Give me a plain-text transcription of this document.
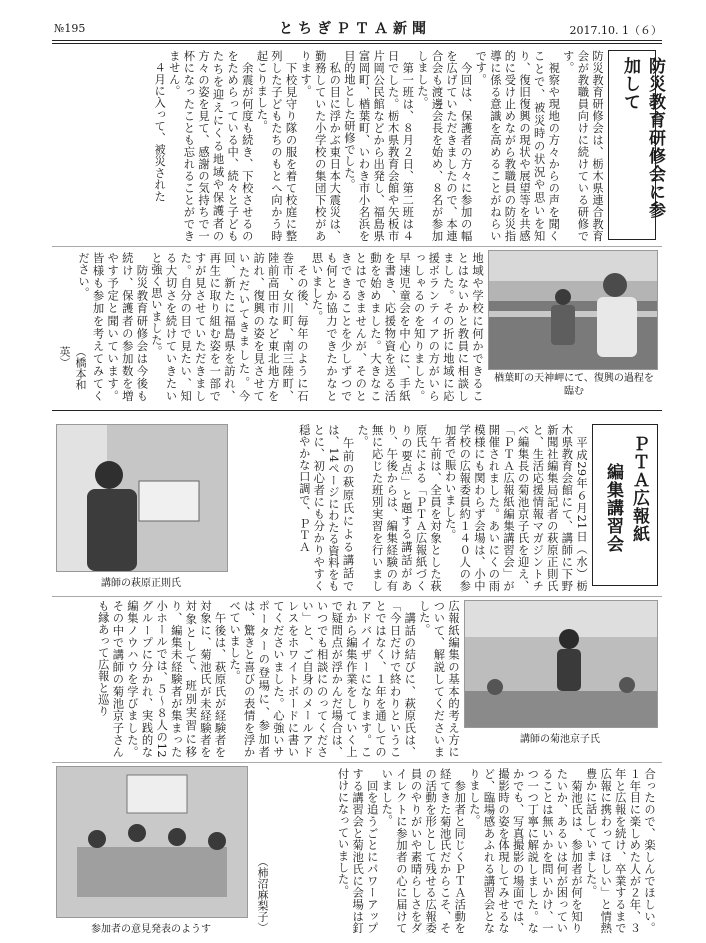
№195	とちぎＰＴＡ新聞	2017.10. 1（６）
防災教育研修会に参加して
防災教育研修会は、栃木県連合教育会が教職員向けに続けている研修です。
　視察や現地の方々からの声を聞くことで、被災時の状況や思いを知り、復旧復興の現状や展望等を共感的に受け止めながら教職員の防災指導に係る意識を高めることがねらいです。
　今回は、保護者の方々に参加の幅を広げていただきましたので、本連合会も渡邊会長を始め、８名が参加しました。
　第一班は、８月２日、第二班は４日でした。栃木県教育会館や矢板市片岡公民館などから出発し、福島県富岡町、楢葉町、いわき市小名浜を目的地とした研修でした。
　私の目に浮かぶ東日本大震災は、勤務していた小学校の集団下校があります。
　下校見守り隊の服を着て校庭に整列した子どもたちのもとへ向かう時起こりました。
　余震が何度も続き、下校させるのをためらっている中、続々と子どもたちを迎えにくる地域や保護者の方々の姿を見て、感謝の気持ちで一杯になったことも忘れることができません。
　４月に入って、被災された
楢葉町の天神岬にて、復興の過程を臨む
地域や学校に何かできることはないかと教員に相談しました。その折に地域に応援ボランティアの方がいらっしゃるのを知りました。早速児童会を中心に、手紙を書き、応援物資を送る活動を始めました。大きなことはできませんが、そのときできることを少しずつでも何とか協力できたかなと思いました。
　その後、毎年のように石巻市、女川町、南三陸町、陸前高田市など東北地方を訪れ、復興の姿を見させていただいてきました。今回、新たに福島県を訪れ、再生に取り組む姿を一部ですが見させていただきました。自分の目で見たい、知る大切さを続けていきたいと強く思いました。
　防災教育研修会は今後も続け、保護者の参加数を増やす予定と聞いています。皆様も参加を考えてみてください。
（橋本和英）
ＰＴＡ広報紙
編集講習会
　平成29年６月21日（水）栃木県教育会館にて、講師に下野新聞社編集局記者の萩原正則氏と、生活応援情報マガジントチペ編集長の菊池京子氏を迎え、「ＰＴＡ広報紙編集講習会」が開催されました。あいにくの雨模様にも関わらず会場は、小中学校の広報委員約１４０人の参加者で賑わいました。
　午前は、全員を対象とした萩原氏による「ＰＴＡ広報紙づくりの要点」と題する講話があり、午後からは、編集経験の有無に応じた班別実習を行いました。
　午前の萩原氏による講話では、14ページにわたる資料をもとに、初心者にも分かりやすく穏やかな口調で、ＰＴＡ
講師の萩原正則氏
講師の菊池京子氏
広報紙編集の基本的考え方について、解説してくださいました。
　講話の結びに、萩原氏は、「今日だけで終わりということではなく、１年を通してのアドバイザーになります。これから編集作業をしていく上で疑問点が浮かんだ場合は、いつでも相談にのってください」と、ご自身のメールアドレスをホワイトボードに書いてくださいました。心強いサポーターの登場に、参加者は、驚きと喜びの表情を浮かべていました。
　午後は、萩原氏が経験者を対象に、菊池氏が未経験者を対象として、班別実習に移り、編集未経験者が集まった小ホールでは、５～８人の12グループに分かれ、実践的な編集ノウハウを学びました。その中で講師の菊池京子さんも縁あって広報と巡り
参加者の意見発表のようす	合ったので、楽しんでほしい。１年目に楽しめた人が２年、３年と広報を続け、卒業するまで広報に携わってほしい」と情熱豊かに話していました。
　菊池氏は、参加者が何を知りたいか、あるいは何が困っていることは無いかを問いかけ、一つ一つ丁寧に解説しました。なかでも、写真撮影の場面では、撮影時の姿を体現してみせるなど、臨場感あふれる講習会となりました。
　参加者と同じくＰＴＡ活動を経てきた菊池氏だからこそ、その活動を形として残せる広報委員のやりがいや素晴らしさをダイレクトに参加者の心に届けていました。
　回を追うごとにパワーアップする講習会と菊池氏に会場は釘付けになっていました。
（柿沼麻梨子）
